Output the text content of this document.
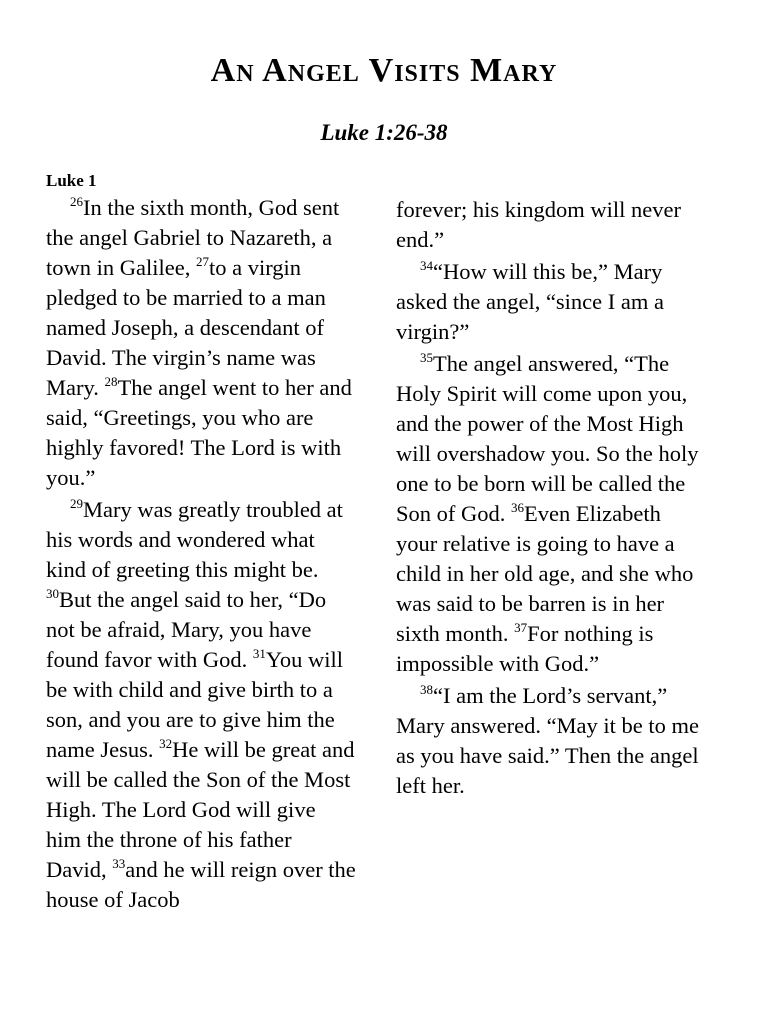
An Angel Visits Mary
Luke 1:26-38
Luke 1

$^{26}$In the sixth month, God sent the angel Gabriel to Nazareth, a town in Galilee, $^{27}$to a virgin pledged to be married to a man named Joseph, a descendant of David. The virgin’s name was Mary. $^{28}$The angel went to her and said, “Greetings, you who are highly favored! The Lord is with you.”

$^{29}$Mary was greatly troubled at his words and wondered what kind of greeting this might be. $^{30}$But the angel said to her, “Do not be afraid, Mary, you have found favor with God. $^{31}$You will be with child and give birth to a son, and you are to give him the name Jesus. $^{32}$He will be great and will be called the Son of the Most High. The Lord God will give him the throne of his father David, $^{33}$and he will reign over the house of Jacob

forever; his kingdom will never end.”

$^{34}$“How will this be,” Mary asked the angel, “since I am a virgin?”

$^{35}$The angel answered, “The Holy Spirit will come upon you, and the power of the Most High will overshadow you. So the holy one to be born will be called the Son of God. $^{36}$Even Elizabeth your relative is going to have a child in her old age, and she who was said to be barren is in her sixth month. $^{37}$For nothing is impossible with God.”

$^{38}$“I am the Lord’s servant,” Mary answered. “May it be to me as you have said.” Then the angel left her.
